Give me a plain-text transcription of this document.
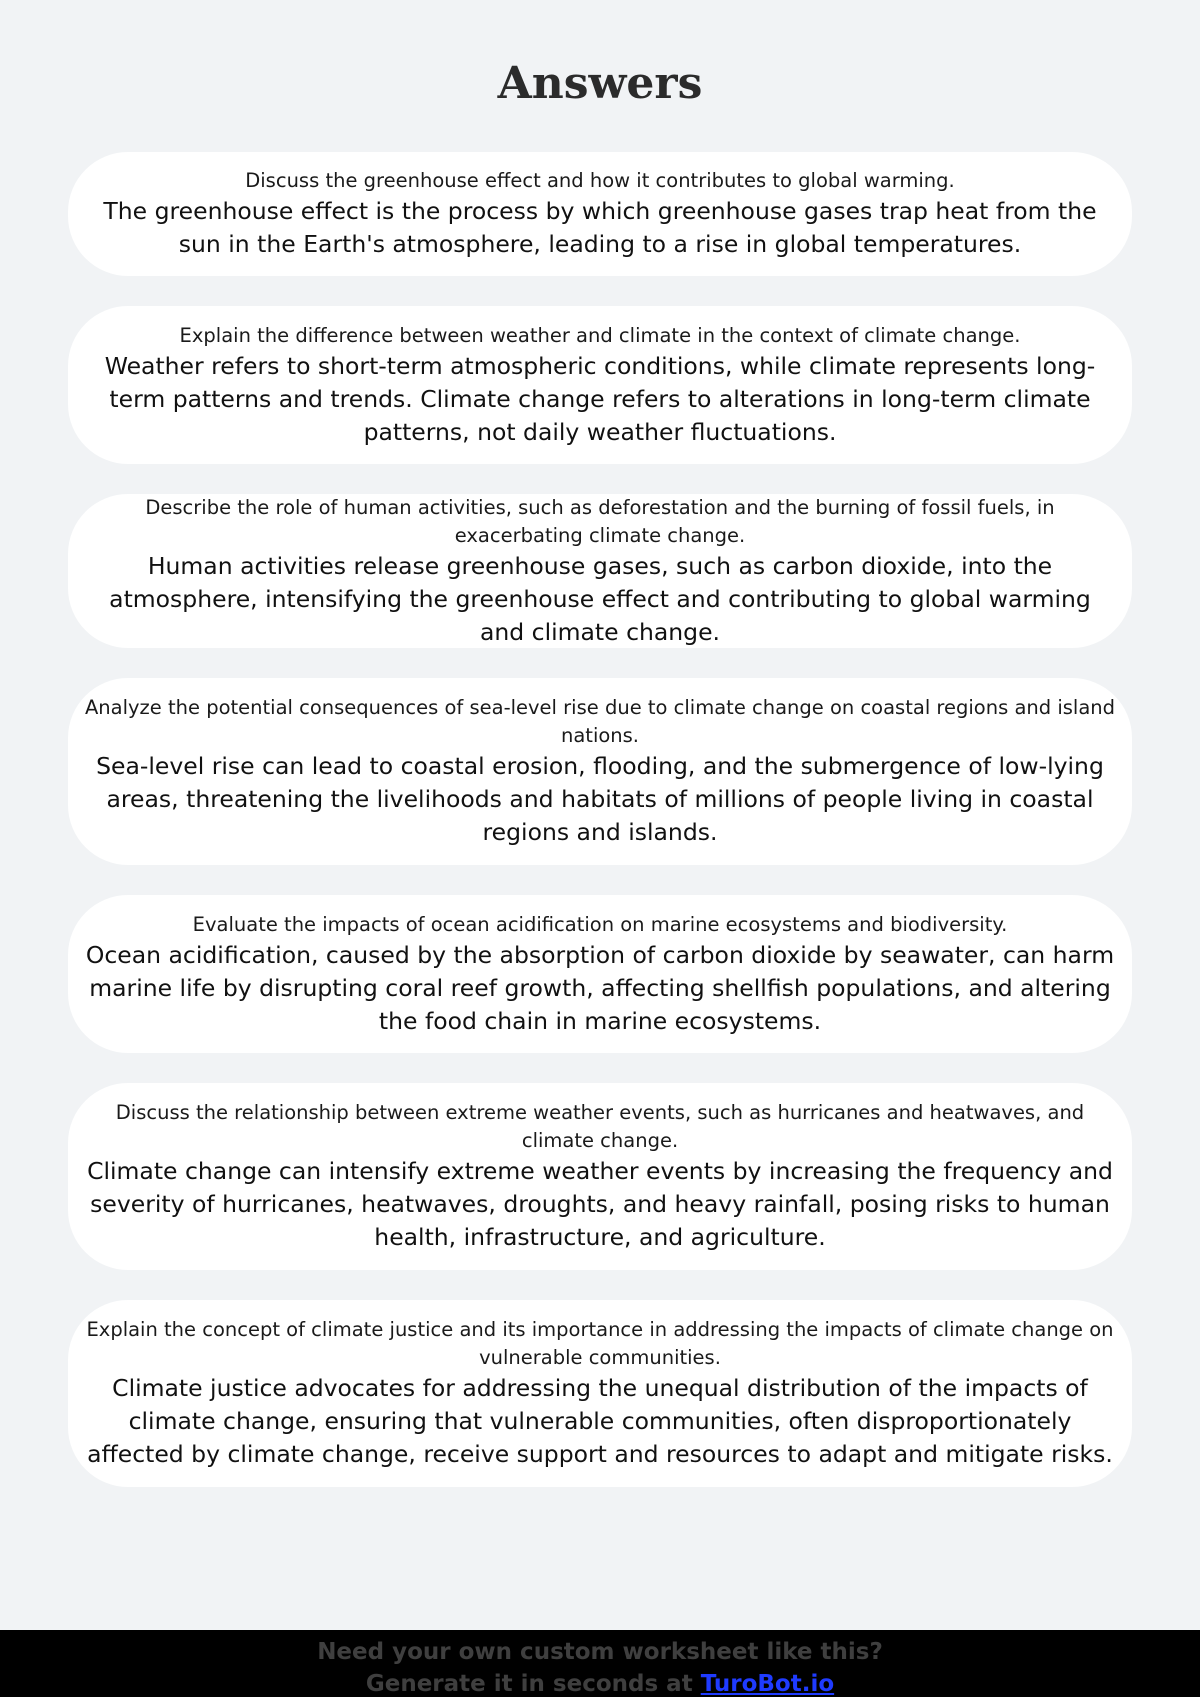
Answers
Discuss the greenhouse effect and how it contributes to global warming.
The greenhouse effect is the process by which greenhouse gases trap heat from the sun in the Earth's atmosphere, leading to a rise in global temperatures.
Explain the difference between weather and climate in the context of climate change.
Weather refers to short-term atmospheric conditions, while climate represents long-term patterns and trends. Climate change refers to alterations in long-term climate patterns, not daily weather fluctuations.
Describe the role of human activities, such as deforestation and the burning of fossil fuels, in exacerbating climate change.
Human activities release greenhouse gases, such as carbon dioxide, into the atmosphere, intensifying the greenhouse effect and contributing to global warming and climate change.
Analyze the potential consequences of sea-level rise due to climate change on coastal regions and island nations.
Sea-level rise can lead to coastal erosion, flooding, and the submergence of low-lying areas, threatening the livelihoods and habitats of millions of people living in coastal regions and islands.
Evaluate the impacts of ocean acidification on marine ecosystems and biodiversity.
Ocean acidification, caused by the absorption of carbon dioxide by seawater, can harm marine life by disrupting coral reef growth, affecting shellfish populations, and altering the food chain in marine ecosystems.
Discuss the relationship between extreme weather events, such as hurricanes and heatwaves, and climate change.
Climate change can intensify extreme weather events by increasing the frequency and severity of hurricanes, heatwaves, droughts, and heavy rainfall, posing risks to human health, infrastructure, and agriculture.
Explain the concept of climate justice and its importance in addressing the impacts of climate change on vulnerable communities.
Climate justice advocates for addressing the unequal distribution of the impacts of climate change, ensuring that vulnerable communities, often disproportionately affected by climate change, receive support and resources to adapt and mitigate risks.
Need your own custom worksheet like this?
Generate it in seconds at TuroBot.io
